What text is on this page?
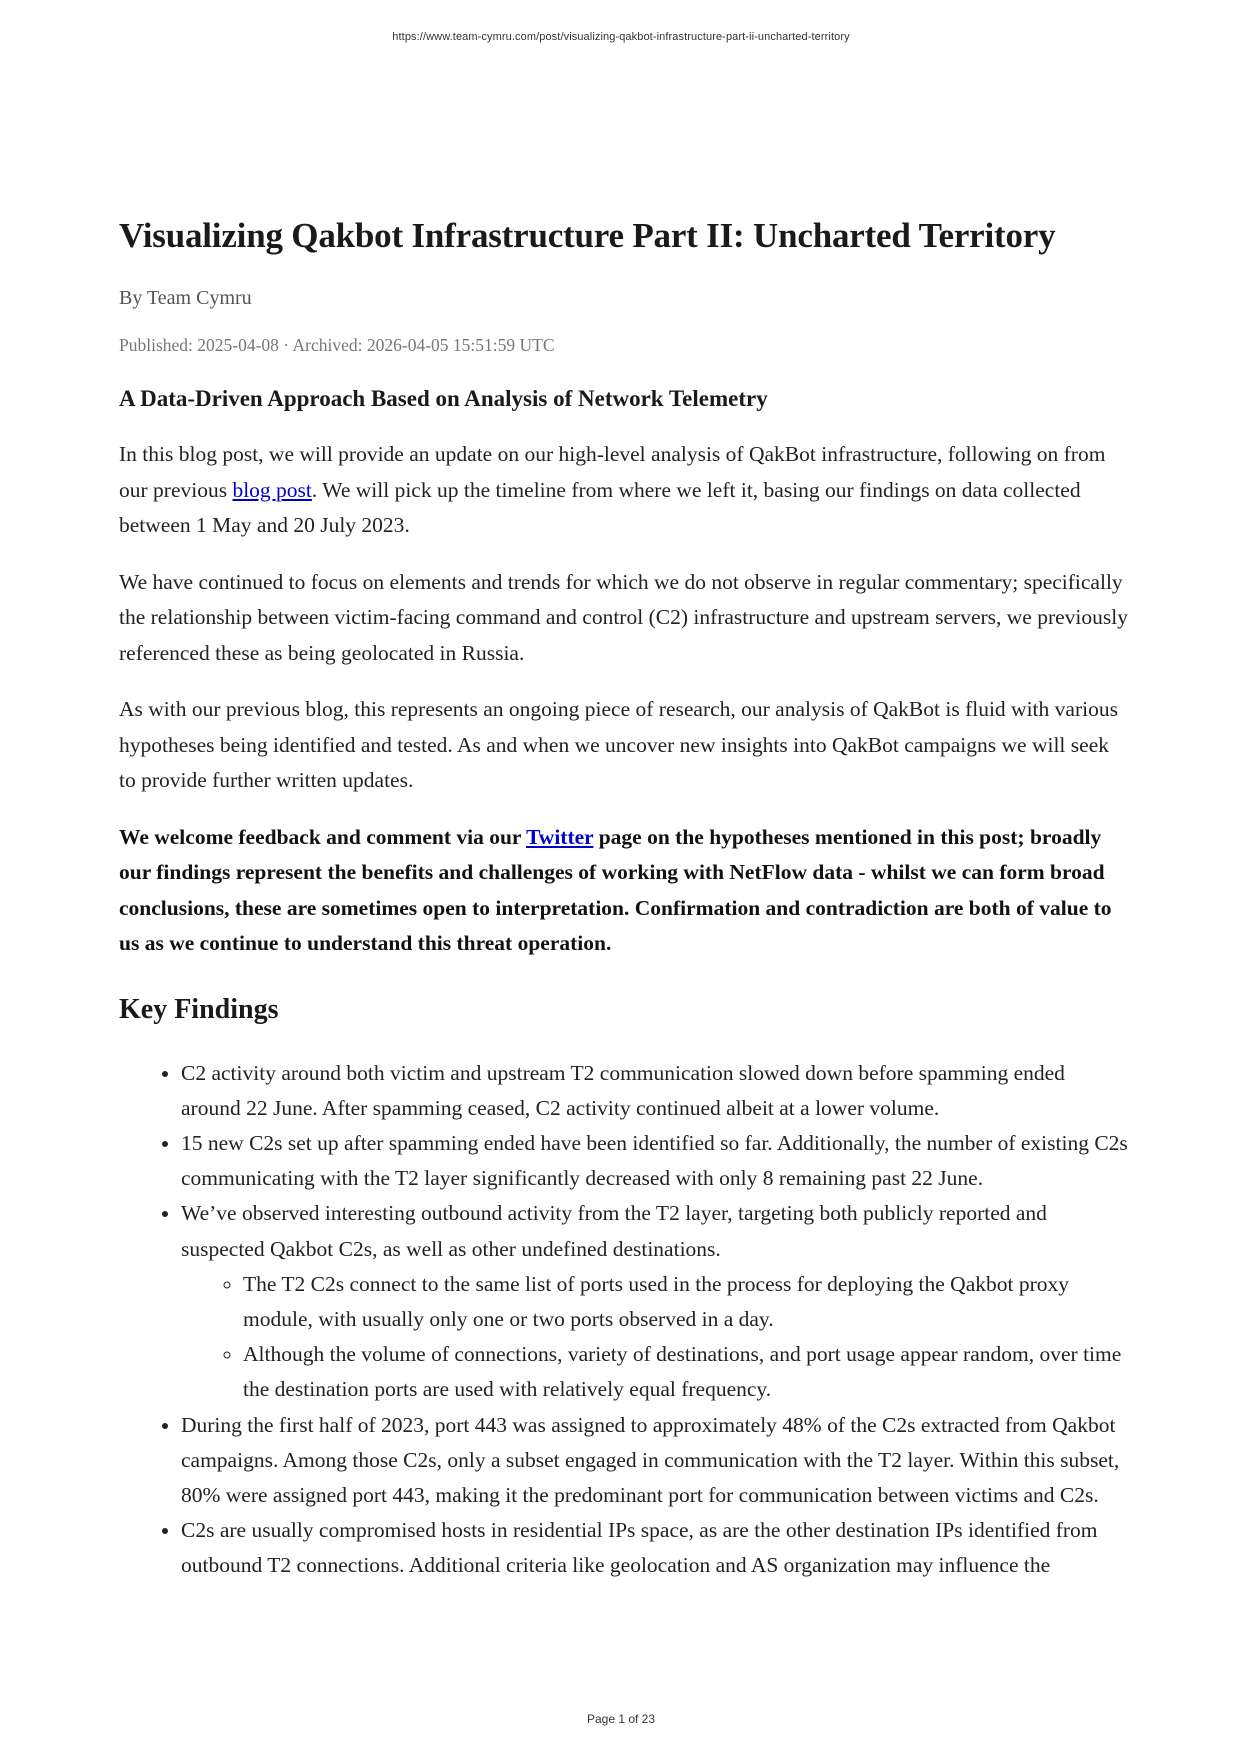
https://www.team-cymru.com/post/visualizing-qakbot-infrastructure-part-ii-uncharted-territory
Visualizing Qakbot Infrastructure Part II: Uncharted Territory
By Team Cymru
Published: 2025-04-08 · Archived: 2026-04-05 15:51:59 UTC
A Data-Driven Approach Based on Analysis of Network Telemetry

In this blog post, we will provide an update on our high-level analysis of QakBot infrastructure, following on from our previous blog post. We will pick up the timeline from where we left it, basing our findings on data collected between 1 May and 20 July 2023.

We have continued to focus on elements and trends for which we do not observe in regular commentary; specifically the relationship between victim-facing command and control (C2) infrastructure and upstream servers, we previously referenced these as being geolocated in Russia.

As with our previous blog, this represents an ongoing piece of research, our analysis of QakBot is fluid with various hypotheses being identified and tested. As and when we uncover new insights into QakBot campaigns we will seek to provide further written updates.

We welcome feedback and comment via our Twitter page on the hypotheses mentioned in this post; broadly our findings represent the benefits and challenges of working with NetFlow data - whilst we can form broad conclusions, these are sometimes open to interpretation. Confirmation and contradiction are both of value to us as we continue to understand this threat operation.

Key Findings
• C2 activity around both victim and upstream T2 communication slowed down before spamming ended around 22 June. After spamming ceased, C2 activity continued albeit at a lower volume.
• 15 new C2s set up after spamming ended have been identified so far. Additionally, the number of existing C2s communicating with the T2 layer significantly decreased with only 8 remaining past 22 June.
• We’ve observed interesting outbound activity from the T2 layer, targeting both publicly reported and suspected Qakbot C2s, as well as other undefined destinations.
◦ The T2 C2s connect to the same list of ports used in the process for deploying the Qakbot proxy module, with usually only one or two ports observed in a day.
◦ Although the volume of connections, variety of destinations, and port usage appear random, over time the destination ports are used with relatively equal frequency.
• During the first half of 2023, port 443 was assigned to approximately 48% of the C2s extracted from Qakbot campaigns. Among those C2s, only a subset engaged in communication with the T2 layer. Within this subset, 80% were assigned port 443, making it the predominant port for communication between victims and C2s.
• C2s are usually compromised hosts in residential IPs space, as are the other destination IPs identified from outbound T2 connections. Additional criteria like geolocation and AS organization may influence the
Page 1 of 23
